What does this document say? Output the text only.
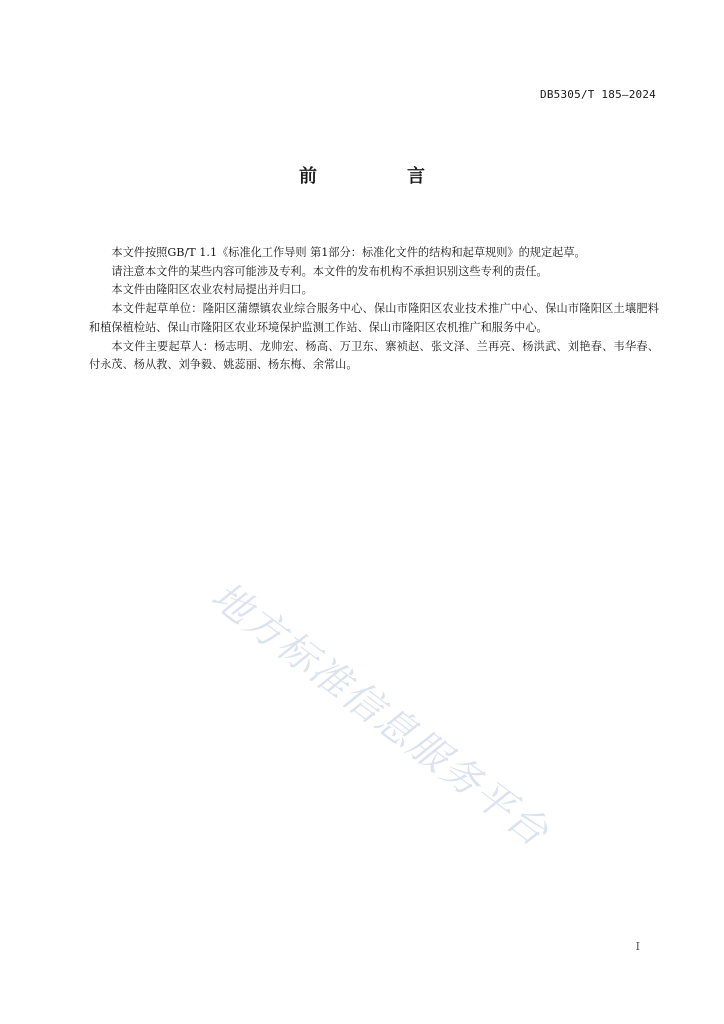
DB5305/T 185—2024
前　言

本文件按照GB/T 1.1《标准化工作导则 第1部分：标准化文件的结构和起草规则》的规定起草。

请注意本文件的某些内容可能涉及专利。本文件的发布机构不承担识别这些专利的责任。

本文件由隆阳区农业农村局提出并归口。

本文件起草单位：隆阳区蒲缥镇农业综合服务中心、保山市隆阳区农业技术推广中心、保山市隆阳区土壤肥料和植保植检站、保山市隆阳区农业环境保护监测工作站、保山市隆阳区农机推广和服务中心。

本文件主要起草人：杨志明、龙帅宏、杨高、万卫东、寨祯赵、张文泽、兰再亮、杨洪武、刘艳春、韦华春、付永茂、杨从教、刘争毅、姚蕊丽、杨东梅、余常山。

地方标准信息服务平台
I
